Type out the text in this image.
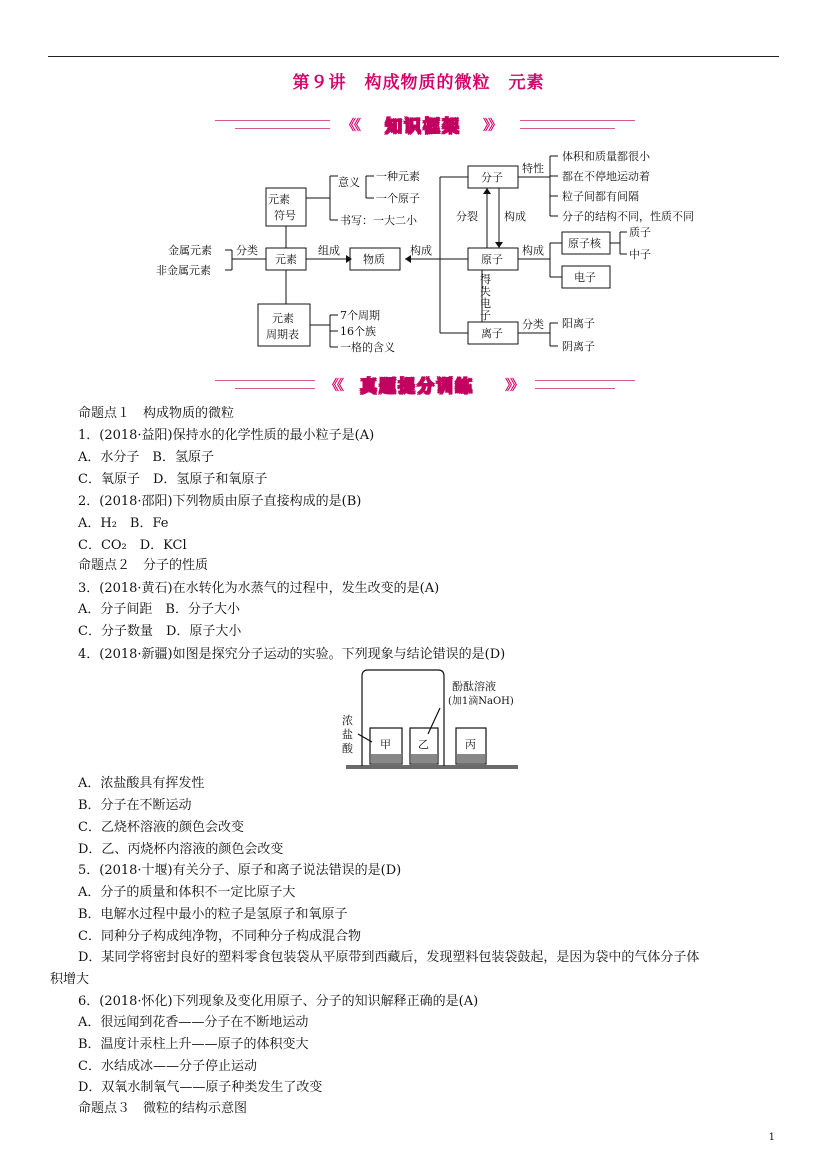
第９讲　构成物质的微粒　元素
《《 知识框架 》》
元素
符号
意义 一种元素
一个原子
书写：一大二小
金属元素
非金属元素
分类
元素
组成
物质
构成
分子
特性
体积和质量都很小
都在不停地运动着
粒子间都有间隔
分子的结构不同，性质不同
分裂 构成
原子
构成
原子核
质子
中子
电子
得
失
电
子
离子
分类 阳离子
阴离子
元素
周期表
7个周期
16个族
一格的含义
《《 真题提分训练 》》
命题点１　构成物质的微粒
1．(2018·益阳)保持水的化学性质的最小粒子是(A)
A．水分子　B．氢原子
C．氧原子　D．氢原子和氧原子
2．(2018·邵阳)下列物质由原子直接构成的是(B)
A．H₂　B．Fe
C．CO₂　D．KCl
命题点２　分子的性质
3．(2018·黄石)在水转化为水蒸气的过程中，发生改变的是(A)
A．分子间距　B．分子大小
C．分子数量　D．原子大小
4．(2018·新疆)如图是探究分子运动的实验。下列现象与结论错误的是(D)
浓
盐
酸
酚酞溶液
(加1滴NaOH)
甲 乙	丙
A．浓盐酸具有挥发性
B．分子在不断运动
C．乙烧杯溶液的颜色会改变
D．乙、丙烧杯内溶液的颜色会改变
5．(2018·十堰)有关分子、原子和离子说法错误的是(D)
A．分子的质量和体积不一定比原子大
B．电解水过程中最小的粒子是氢原子和氧原子
C．同种分子构成纯净物，不同种分子构成混合物
D．某同学将密封良好的塑料零食包装袋从平原带到西藏后，发现塑料包装袋鼓起，是因为袋中的气体分子体
积增大
6．(2018·怀化)下列现象及变化用原子、分子的知识解释正确的是(A)
A．很远闻到花香——分子在不断地运动
B．温度计汞柱上升——原子的体积变大
C．水结成冰——分子停止运动
D．双氧水制氧气——原子种类发生了改变
命题点３　微粒的结构示意图
1
